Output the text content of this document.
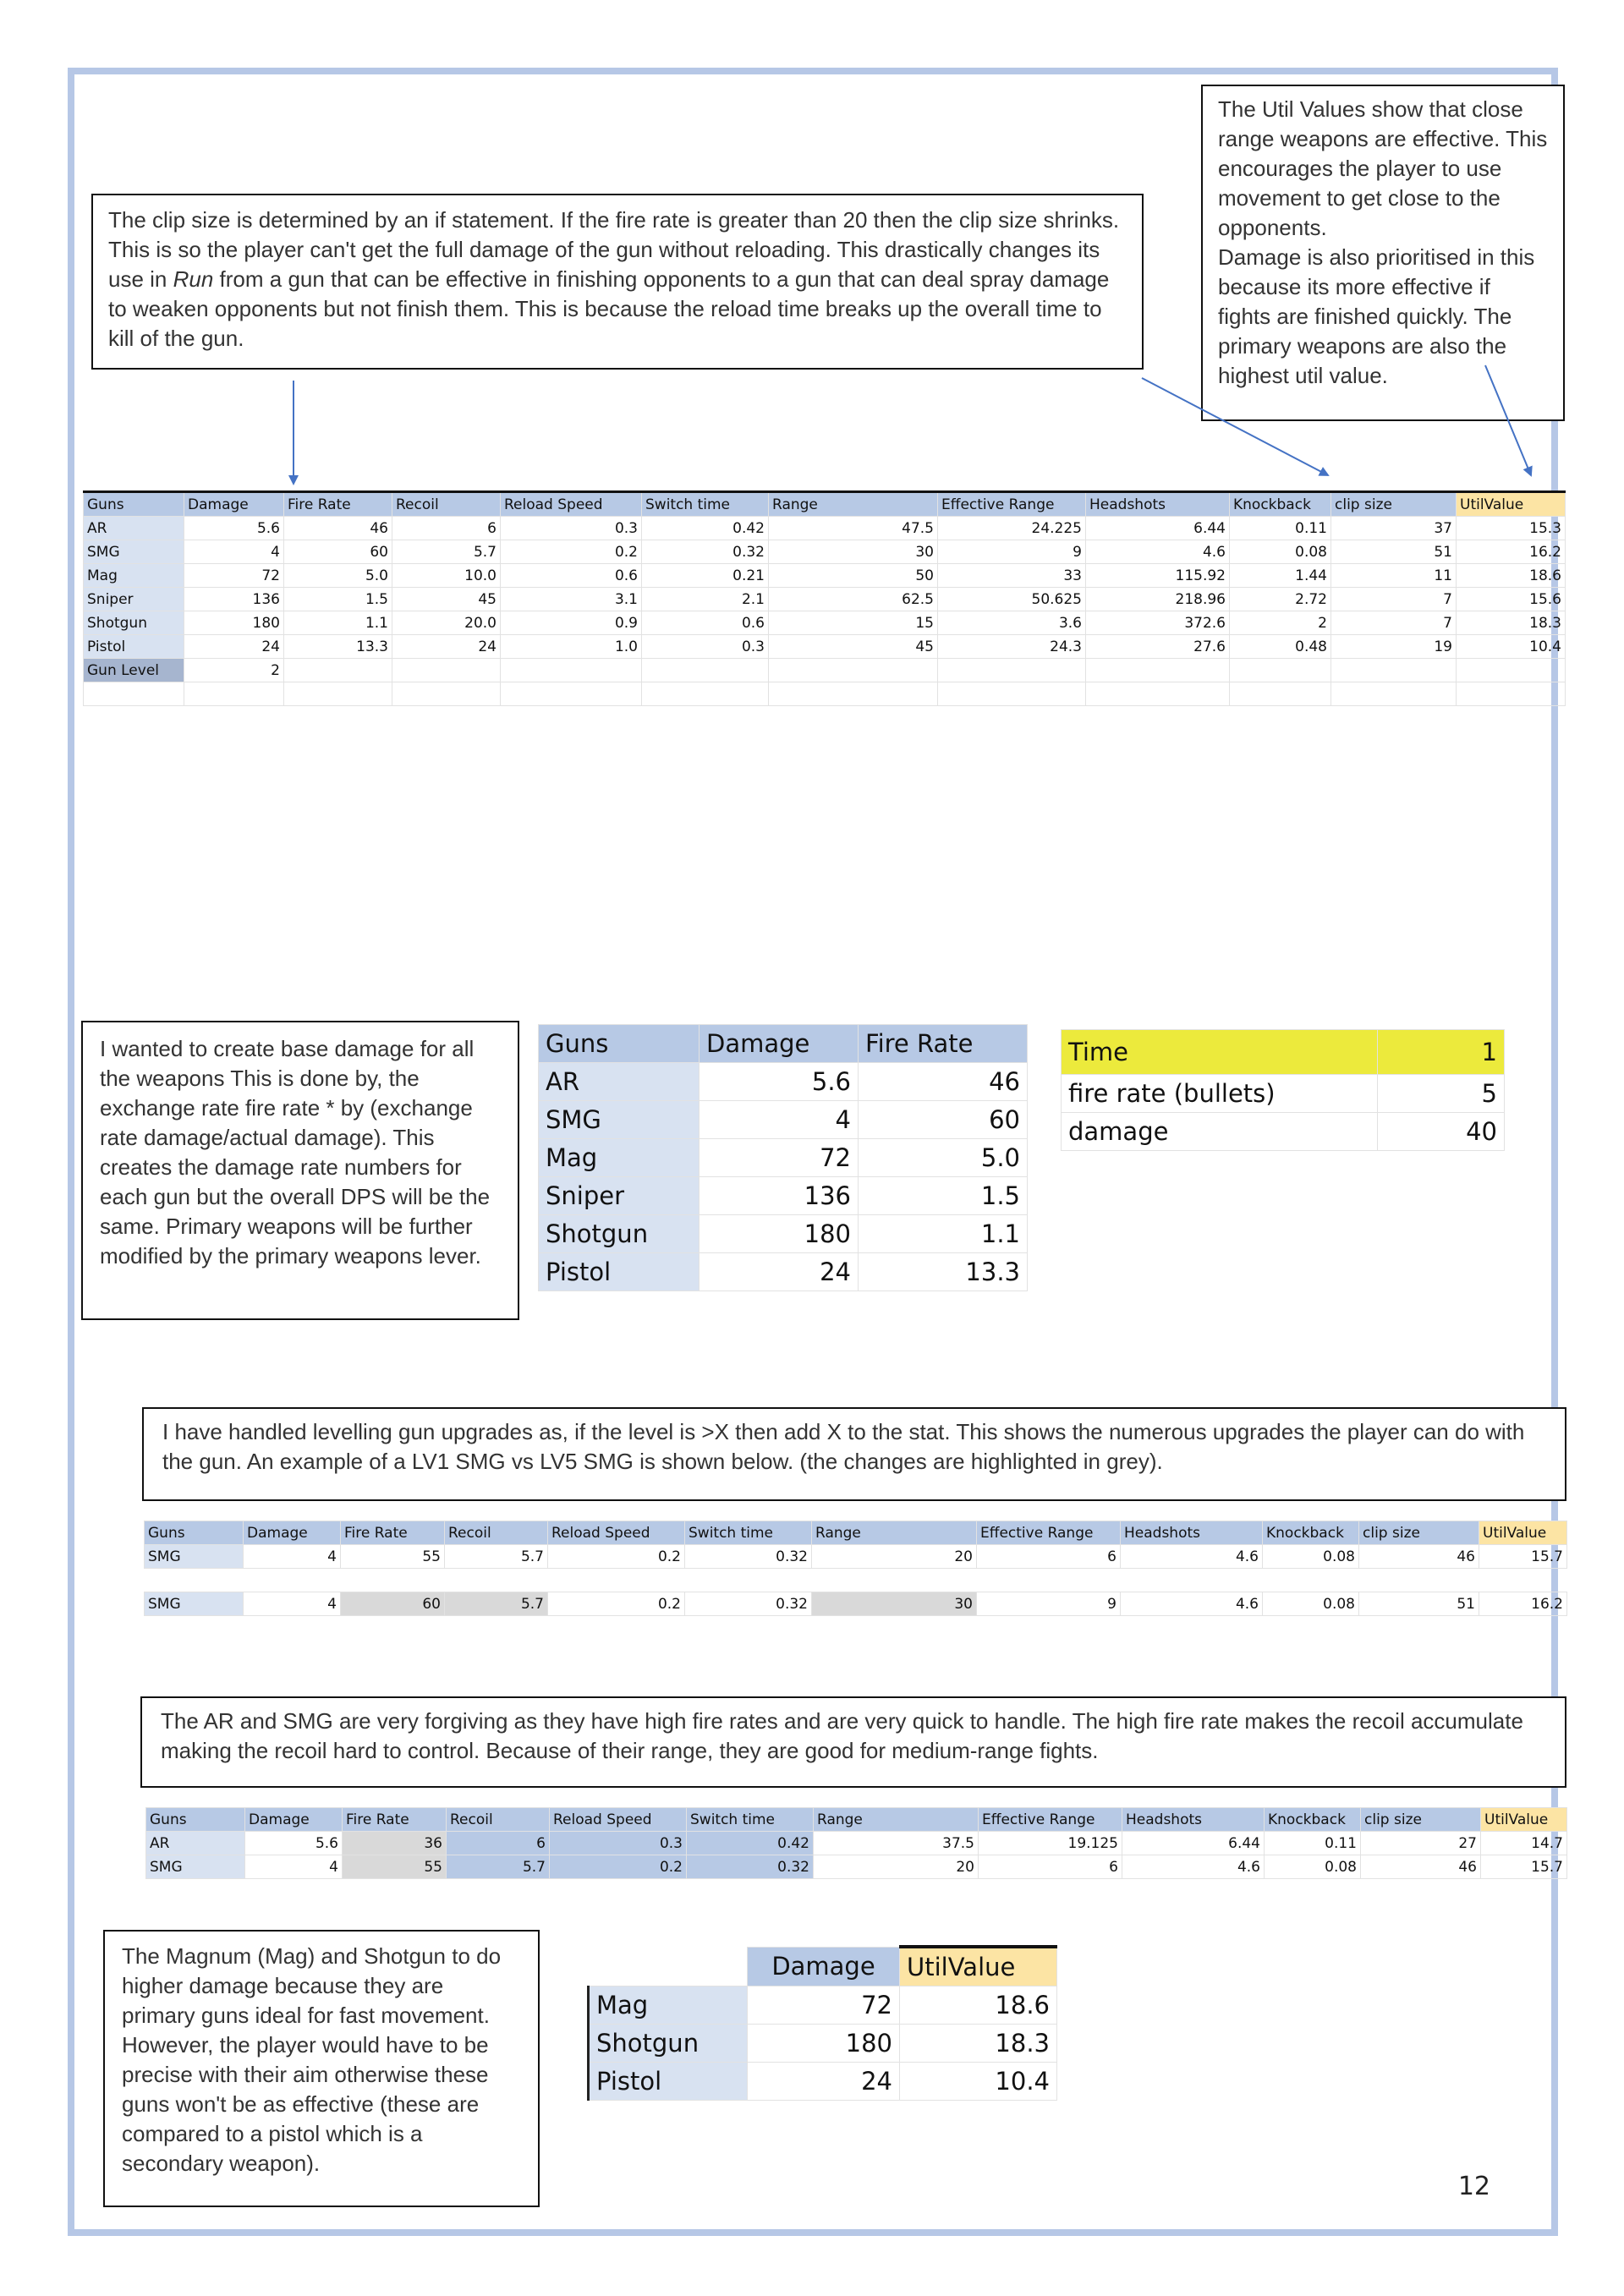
The Util Values show that close range weapons are effective. This encourages the player to use movement to get close to the opponents.

Damage is also prioritised in this because its more effective if fights are finished quickly. The primary weapons are also the highest util value.

The clip size is determined by an if statement. If the fire rate is greater than 20 then the clip size shrinks. This is so the player can't get the full damage of the gun without reloading. This drastically changes its use in Run from a gun that can be effective in finishing opponents to a gun that can deal spray damage to weaken opponents but not finish them. This is because the reload time breaks up the overall time to kill of the gun.

Guns	Damage	Fire Rate	Recoil	Reload Speed	Switch time	Range	Effective Range	Headshots	Knockback	clip size	UtilValue
AR	5.6	46	6	0.3	0.42	47.5	24.225	6.44	0.11	37	15.3
SMG	4	60	5.7	0.2	0.32	30	9	4.6	0.08	51	16.2
Mag	72	5.0	10.0	0.6	0.21	50	33	115.92	1.44	11	18.6
Sniper	136	1.5	45	3.1	2.1	62.5	50.625	218.96	2.72	7	15.6
Shotgun	180	1.1	20.0	0.9	0.6	15	3.6	372.6	2	7	18.3
Pistol	24	13.3	24	1.0	0.3	45	24.3	27.6	0.48	19	10.4
Gun Level	2										

I wanted to create base damage for all the weapons This is done by, the exchange rate fire rate * by (exchange rate damage/actual damage). This creates the damage rate numbers for each gun but the overall DPS will be the same. Primary weapons will be further modified by the primary weapons lever.

Guns	Damage	Fire Rate
AR	5.6	46
SMG	4	60
Mag	72	5.0
Sniper	136	1.5
Shotgun	180	1.1
Pistol	24	13.3
Time	1
fire rate (bullets)	5
damage	40

I have handled levelling gun upgrades as, if the level is >X then add X to the stat. This shows the numerous upgrades the player can do with the gun. An example of a LV1 SMG vs LV5 SMG is shown below. (the changes are highlighted in grey).

Guns	Damage	Fire Rate	Recoil	Reload Speed	Switch time	Range	Effective Range	Headshots	Knockback	clip size	UtilValue
SMG	4	55	5.7	0.2	0.32	20	6	4.6	0.08	46	15.7

SMG	4	60	5.7	0.2	0.32	30	9	4.6	0.08	51	16.2

The AR and SMG are very forgiving as they have high fire rates and are very quick to handle. The high fire rate makes the recoil accumulate making the recoil hard to control. Because of their range, they are good for medium-range fights.

Guns	Damage	Fire Rate	Recoil	Reload Speed	Switch time	Range	Effective Range	Headshots	Knockback	clip size	UtilValue
AR	5.6	36	6	0.3	0.42	37.5	19.125	6.44	0.11	27	14.7
SMG	4	55	5.7	0.2	0.32	20	6	4.6	0.08	46	15.7

The Magnum (Mag) and Shotgun to do higher damage because they are primary guns ideal for fast movement. However, the player would have to be precise with their aim otherwise these guns won't be as effective (these are compared to a pistol which is a secondary weapon).

	Damage	UtilValue
Mag	72	18.6
Shotgun	180	18.3
Pistol	24	10.4
12
